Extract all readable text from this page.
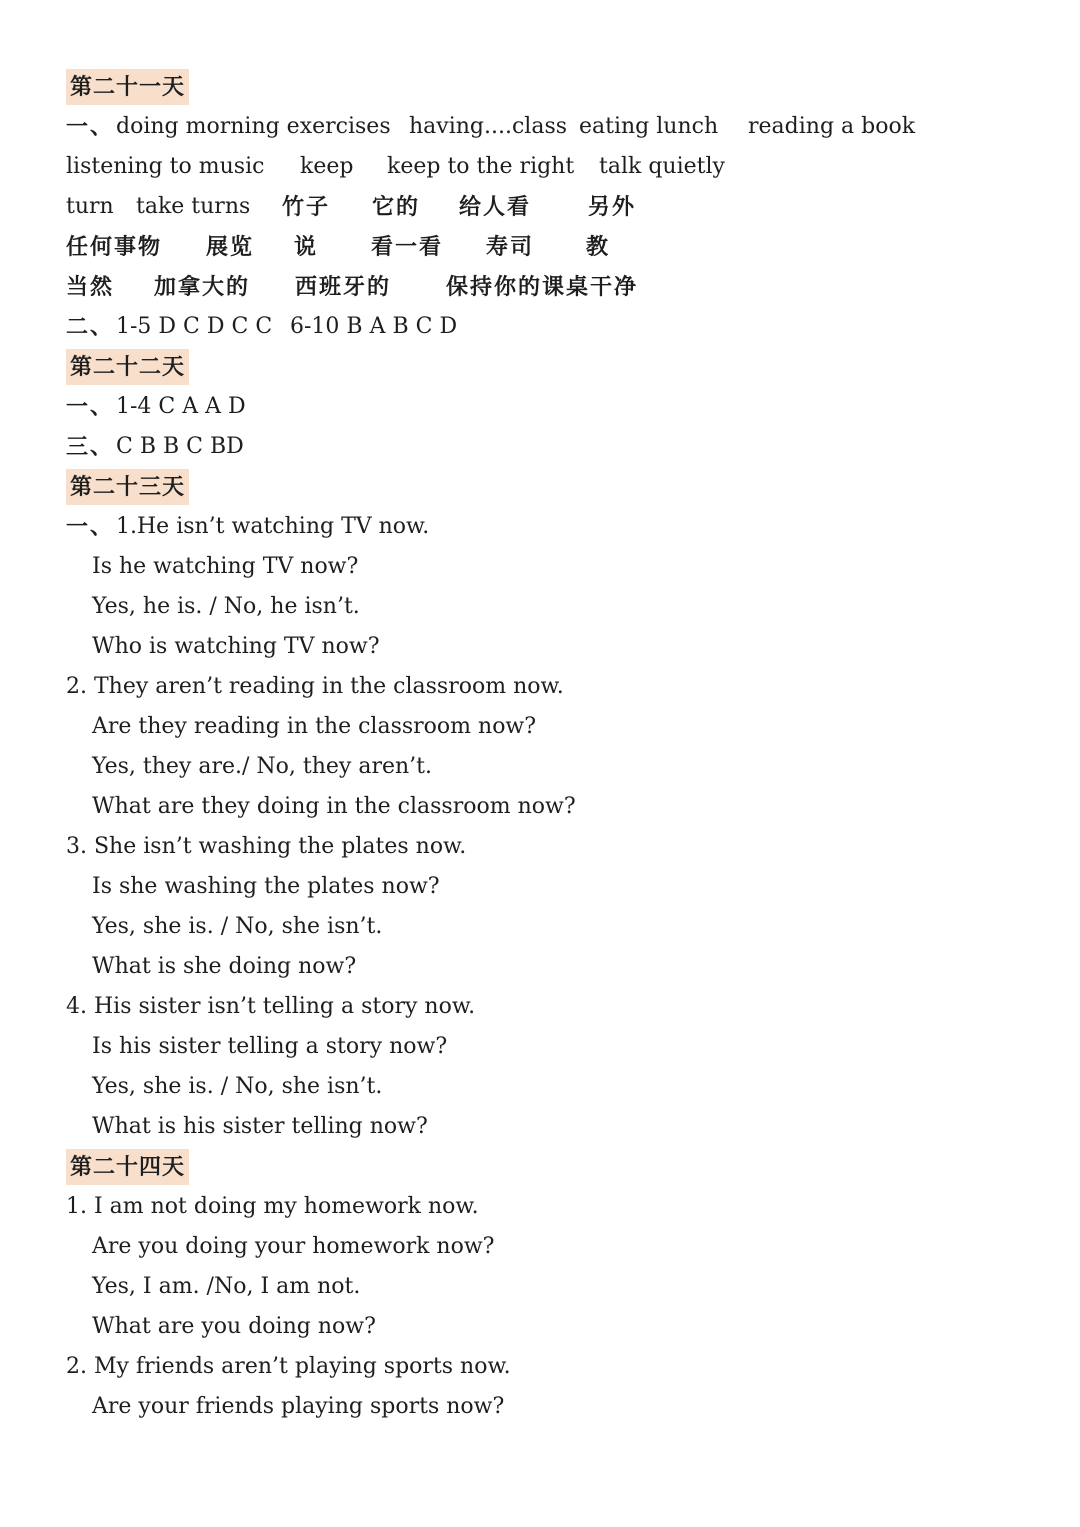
第二十一天
一、 doing morning exercises having....class eating lunch reading a book
listening to music keep keep to the right talk quietly
turn take turns 竹子 它的 给人看	另外
任何事物 展览 说 看一看 寿司 教
当然 加拿大的 西班牙的 保持你的课桌干净
二、 1-5 D C D C C 6-10 B A B C D
第二十二天
一、 1-4 C A A D
三、 C B B C BD
第二十三天
一、 1.He isn’t watching TV now.
Is he watching TV now?
Yes, he is. / No, he isn’t.
Who is watching TV now?
2. They aren’t reading in the classroom now.
Are they reading in the classroom now?
Yes, they are./ No, they aren’t.
What are they doing in the classroom now?
3. She isn’t washing the plates now.
Is she washing the plates now?
Yes, she is. / No, she isn’t.
What is she doing now?
4. His sister isn’t telling a story now.
Is his sister telling a story now?
Yes, she is. / No, she isn’t.
What is his sister telling now?
第二十四天
1. I am not doing my homework now.
Are you doing your homework now?
Yes, I am. /No, I am not.
What are you doing now?
2. My friends aren’t playing sports now.
Are your friends playing sports now?
